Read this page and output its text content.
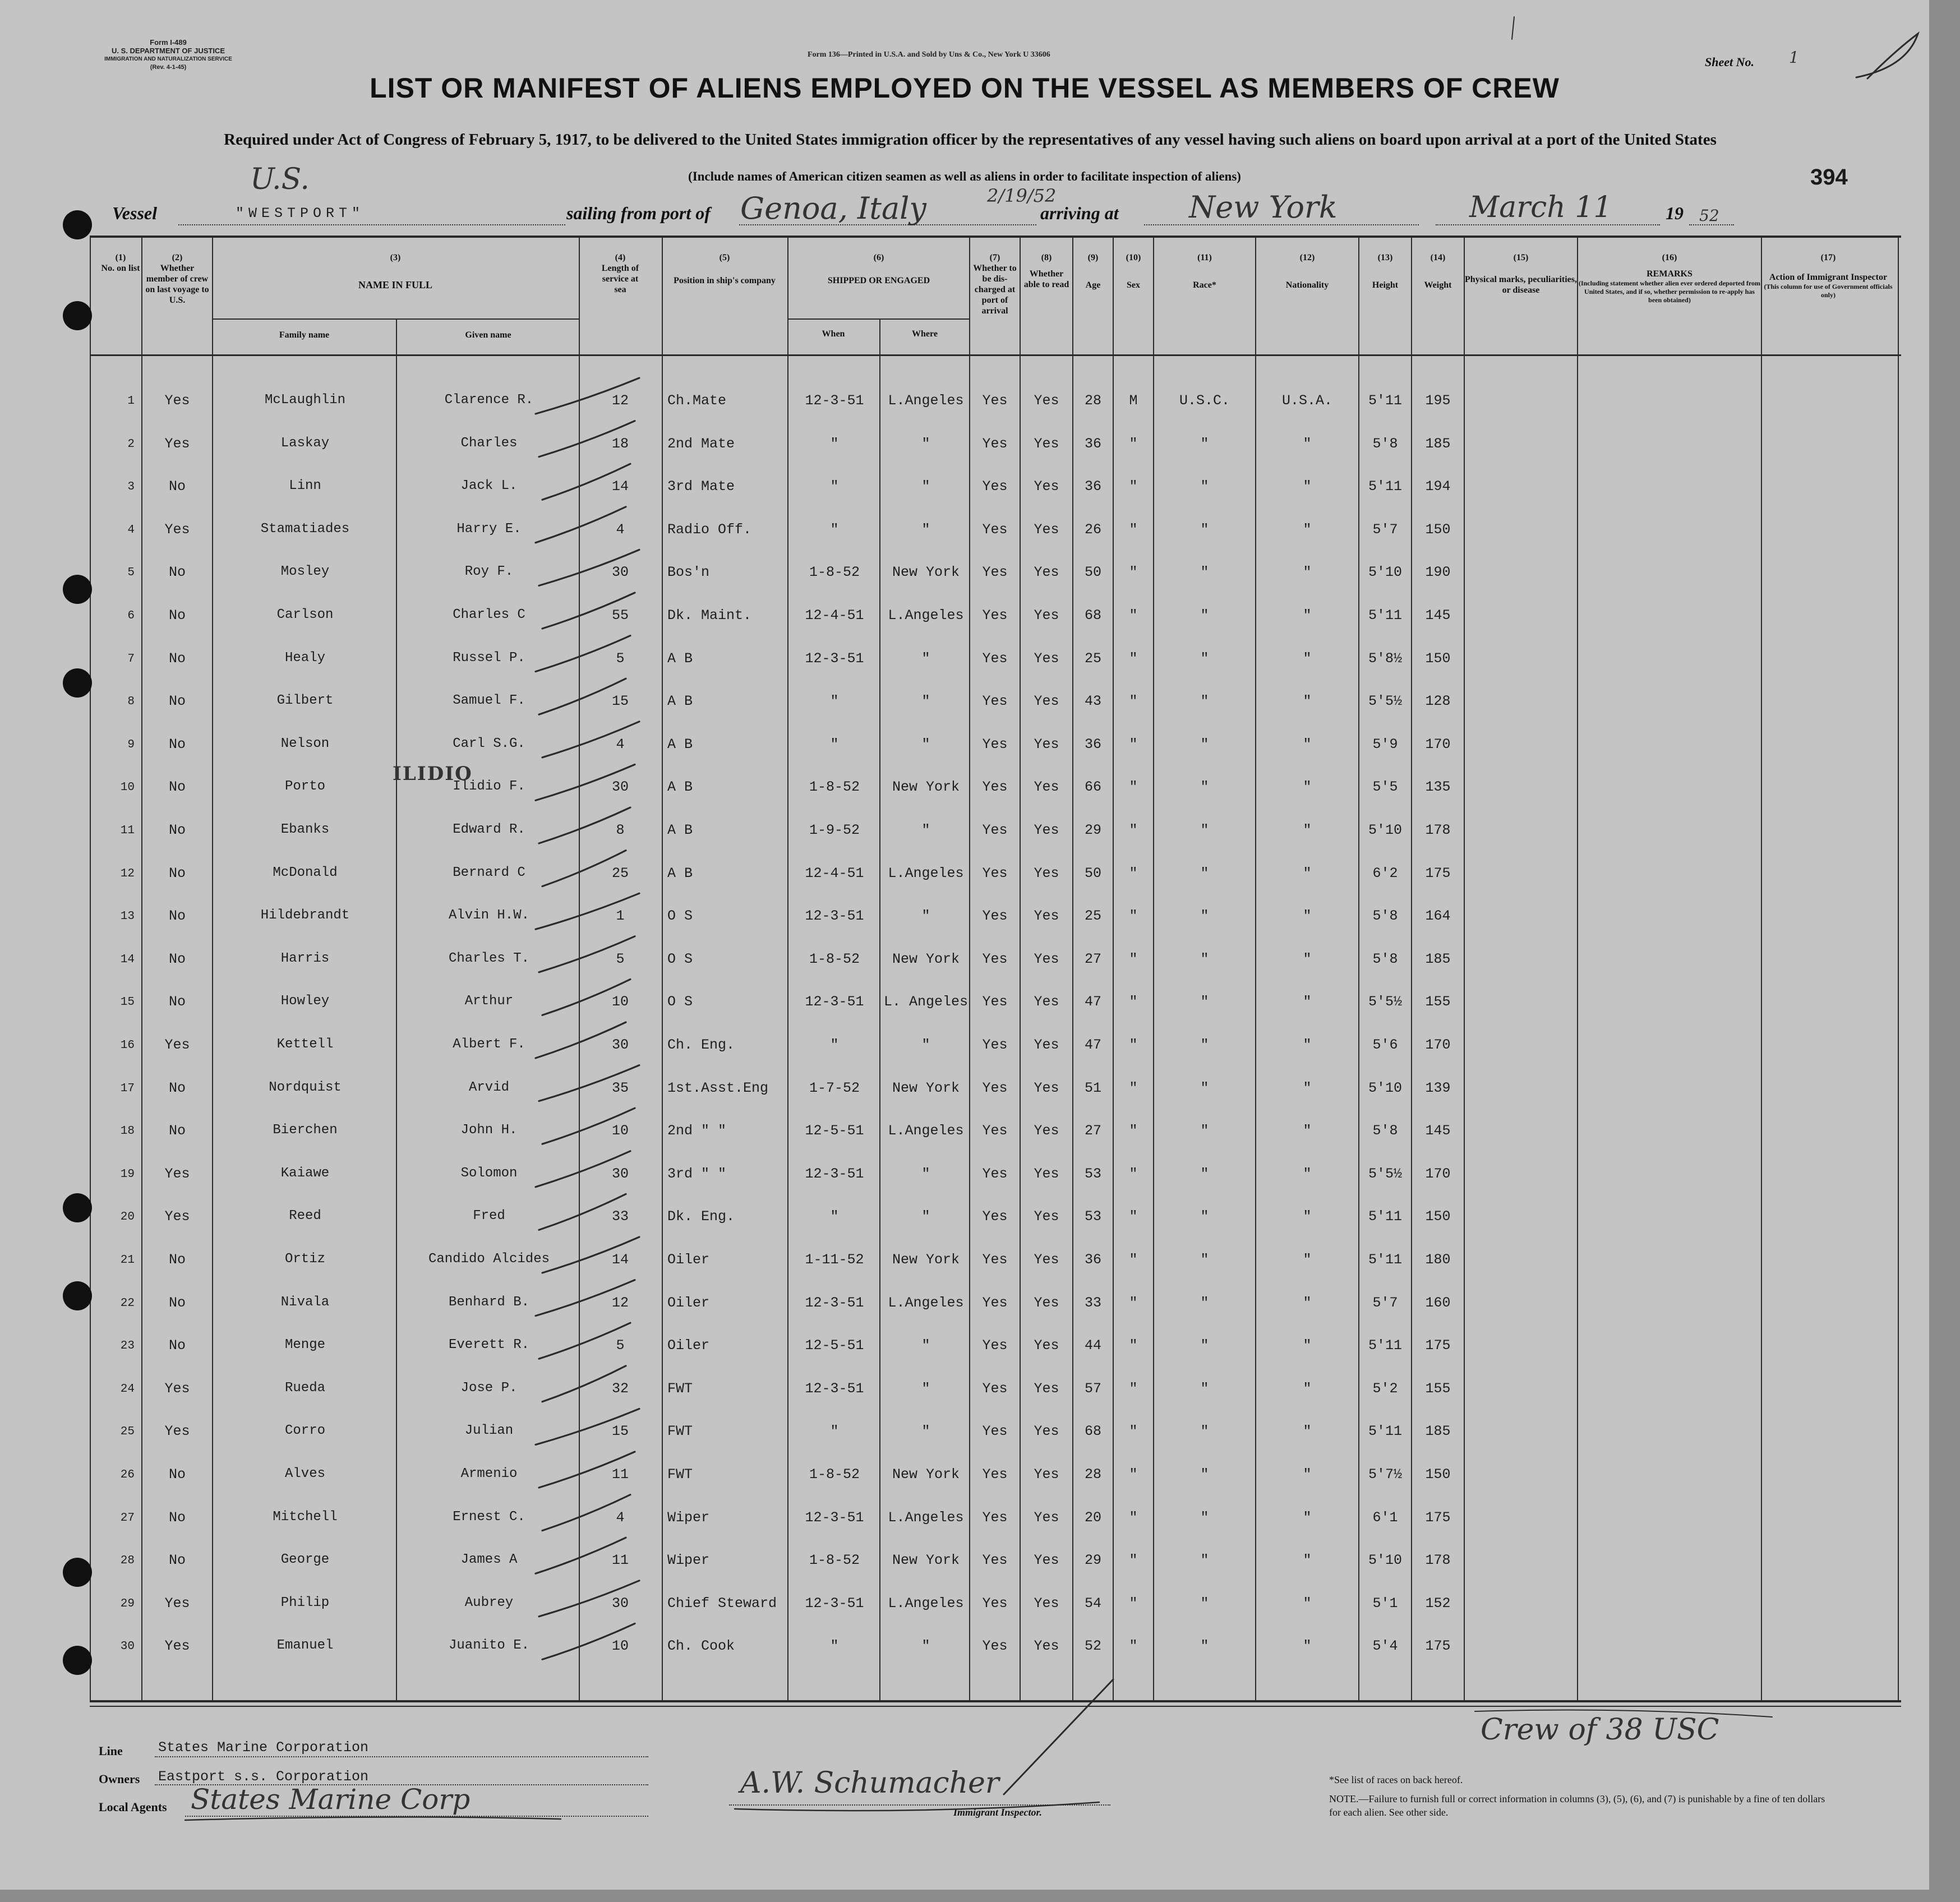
Form I-489
U. S. DEPARTMENT OF JUSTICE
IMMIGRATION AND NATURALIZATION SERVICE
(Rev. 4-1-45)
Form 136—Printed in U.S.A. and Sold by Uns & Co., New York U 33606
Sheet No. 1
394
LIST OR MANIFEST OF ALIENS EMPLOYED ON THE VESSEL AS MEMBERS OF CREW
Required under Act of Congress of February 5, 1917, to be delivered to the United States immigration officer by the representatives of any vessel having such aliens on board upon arrival at a port of the United States
(Include names of American citizen seamen as well as aliens in order to facilitate inspection of aliens)
U.S.
Vessel	"WESTPORT"	sailing from port of Genoa, Italy	2/19/52
arriving at New York	March 11	19 52
(1)
No. on list
(2)
Whether member of crew on last voyage to U.S.
(3)
NAME IN FULL
Family name	Given name
(4)
Length of service at sea
(5)
Position in ship's company
(6)
SHIPPED OR ENGAGED
When	Where
(7)
Whether to be dis-charged at port of arrival
(8)
Whether able to read
(9)
Age
(10)
Sex
(11)
Race*
(12)
Nationality
(13)
Height
(14)
Weight
(15)
Physical marks, peculiarities, or disease
(16)
REMARKS
(Including statement whether alien ever ordered deported from United States, and if so, whether permission to re-apply has been obtained)
(17)
Action of Immigrant Inspector
(This column for use of Government officials only)
1	Yes	McLaughlin	Clarence R.	12	Ch.Mate	12-3-51	L.Angeles	Yes	Yes	28	M	U.S.C.	U.S.A.	5'11	195
2	Yes	Laskay	Charles	18	2nd Mate	"	"	Yes	Yes	36	"	"	"	5'8	185
3	No	Linn	Jack L.	14	3rd Mate	"	"	Yes	Yes	36	"	"	"	5'11	194
4	Yes	Stamatiades	Harry E.	4	Radio Off.	"	"	Yes	Yes	26	"	"	"	5'7	150
5	No	Mosley	Roy F.	30	Bos'n	1-8-52	New York	Yes	Yes	50	"	"	"	5'10	190
6	No	Carlson	Charles C	55	Dk. Maint.	12-4-51	L.Angeles	Yes	Yes	68	"	"	"	5'11	145
7	No	Healy	Russel P.	5	A B	12-3-51	"	Yes	Yes	25	"	"	"	5'8½	150
8	No	Gilbert	Samuel F.	15	A B	"	"	Yes	Yes	43	"	"	"	5'5½	128
9	No	Nelson	Carl S.G.	4	A B	"	"	Yes	Yes	36	"	"	"	5'9	170
10	No	Porto	Ilidio F.	30	A B	1-8-52	New York	Yes	Yes	66	"	"	"	5'5	135
11	No	Ebanks	Edward R.	8	A B	1-9-52	"	Yes	Yes	29	"	"	"	5'10	178
12	No	McDonald	Bernard C	25	A B	12-4-51	L.Angeles	Yes	Yes	50	"	"	"	6'2	175
13	No	Hildebrandt	Alvin H.W.	1	O S	12-3-51	"	Yes	Yes	25	"	"	"	5'8	164
14	No	Harris	Charles T.	5	O S	1-8-52	New York	Yes	Yes	27	"	"	"	5'8	185
15	No	Howley	Arthur	10	O S	12-3-51	L. Angeles	Yes	Yes	47	"	"	"	5'5½	155
16	Yes	Kettell	Albert F.	30	Ch. Eng.	"	"	Yes	Yes	47	"	"	"	5'6	170
17	No	Nordquist	Arvid	35	1st.Asst.Eng	1-7-52	New York	Yes	Yes	51	"	"	"	5'10	139
18	No	Bierchen	John H.	10	2nd " "	12-5-51	L.Angeles	Yes	Yes	27	"	"	"	5'8	145
19	Yes	Kaiawe	Solomon	30	3rd " "	12-3-51	"	Yes	Yes	53	"	"	"	5'5½	170
20	Yes	Reed	Fred	33	Dk. Eng.	"	"	Yes	Yes	53	"	"	"	5'11	150
21	No	Ortiz	Candido Alcides	14	Oiler	1-11-52	New York	Yes	Yes	36	"	"	"	5'11	180
22	No	Nivala	Benhard B.	12	Oiler	12-3-51	L.Angeles	Yes	Yes	33	"	"	"	5'7	160
23	No	Menge	Everett R.	5	Oiler	12-5-51	"	Yes	Yes	44	"	"	"	5'11	175
24	Yes	Rueda	Jose P.	32	FWT	12-3-51	"	Yes	Yes	57	"	"	"	5'2	155
25	Yes	Corro	Julian	15	FWT	"	"	Yes	Yes	68	"	"	"	5'11	185
26	No	Alves	Armenio	11	FWT	1-8-52	New York	Yes	Yes	28	"	"	"	5'7½	150
27	No	Mitchell	Ernest C.	4	Wiper	12-3-51	L.Angeles	Yes	Yes	20	"	"	"	6'1	175
28	No	George	James A	11	Wiper	1-8-52	New York	Yes	Yes	29	"	"	"	5'10	178
29	Yes	Philip	Aubrey	30	Chief Steward	12-3-51	L.Angeles	Yes	Yes	54	"	"	"	5'1	152
30	Yes	Emanuel	Juanito E.	10	Ch. Cook	"	"	Yes	Yes	52	"	"	"	5'4	175
ILIDIO
Crew of 38 USC
Line	States Marine Corporation
Owners Eastport s.s. Corporation
Local Agents States Marine Corp	A.W. Schumacher
Immigrant Inspector.
*See list of races on back hereof.
NOTE.—Failure to furnish full or correct information in columns (3), (5), (6), and (7) is punishable by a fine of ten dollars for each alien. See other side.
